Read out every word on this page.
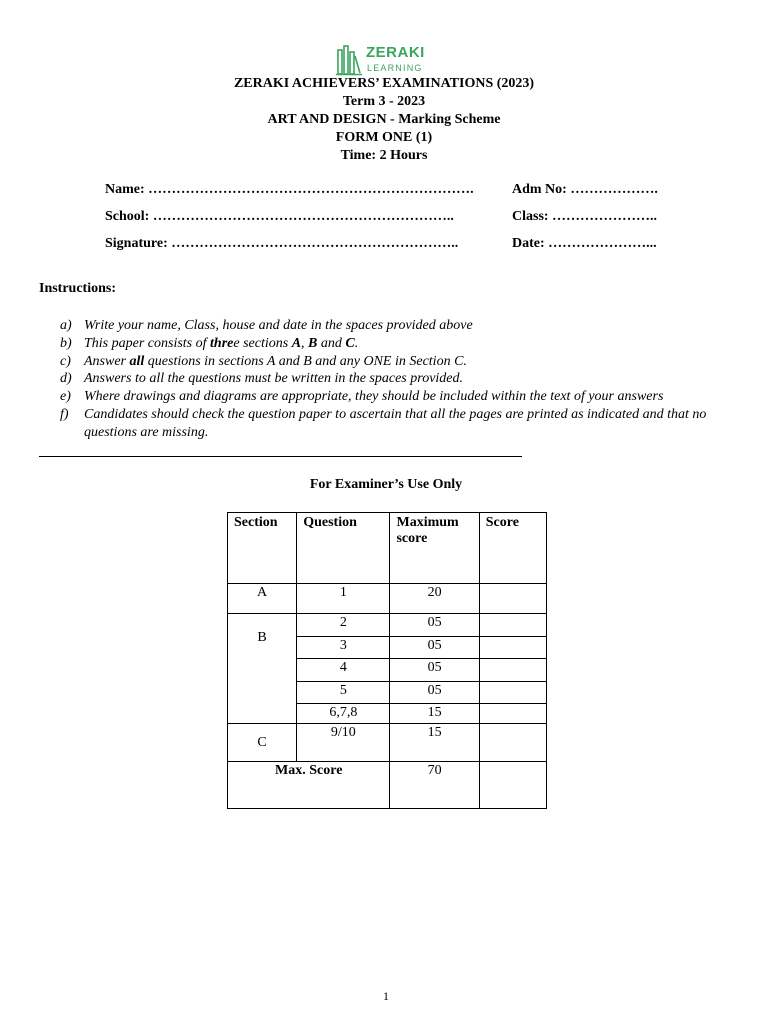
ZERAKI
LEARNING
ZERAKI ACHIEVERS’ EXAMINATIONS (2023)
Term 3 - 2023
ART AND DESIGN - Marking Scheme
FORM ONE (1)
Time: 2 Hours
Name: …………………………………………………………….	Adm No: ……………….
School: ………………………………………………………..	Class: …………………..
Signature: ……………………………………………………..	Date: …………………...
Instructions:
a) Write your name, Class, house and date in the spaces provided above
b) This paper consists of three sections A, B and C.
c) Answer all questions in sections A and B and any ONE in Section C.
d) Answers to all the questions must be written in the spaces provided.
e) Where drawings and diagrams are appropriate, they should be included within the text of your answers
f) Candidates should check the question paper to ascertain that all the pages are printed as indicated and that no questions are missing.
For Examiner’s Use Only
Section	Question	Maximum score	Score
A	1	20	

B	2	05	
	3	05	
	4	05	
	5	05	
	6,7,8	15	
C	9/10	15	
Max. Score		70	
1
